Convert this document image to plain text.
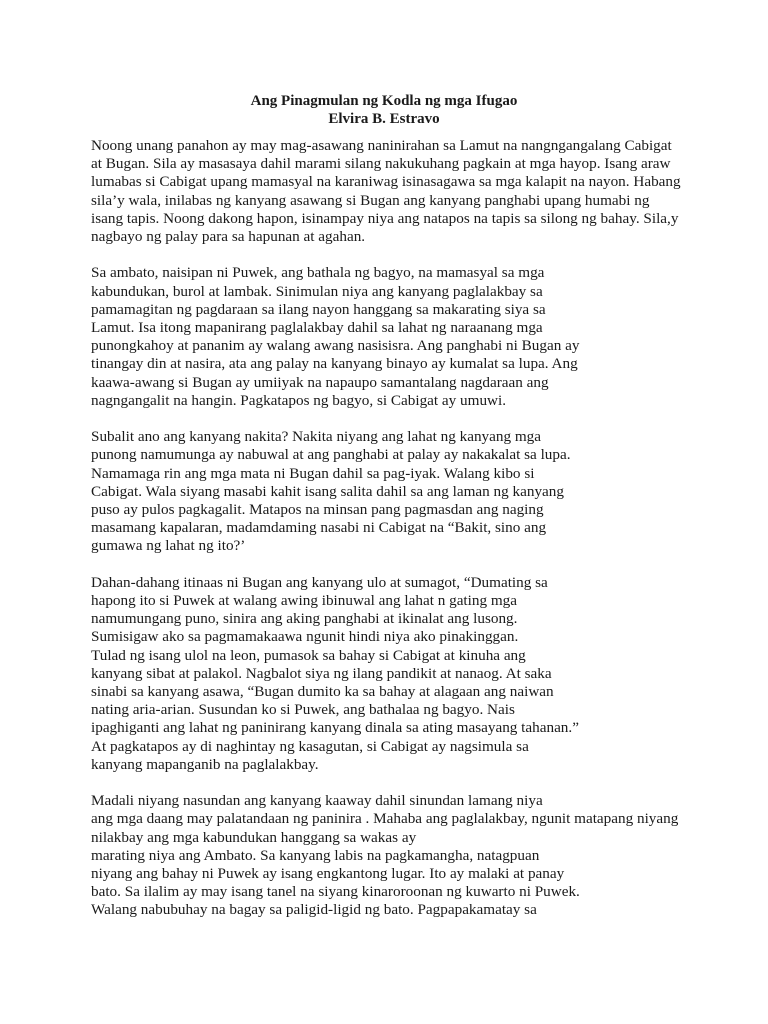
Ang Pinagmulan ng Kodla ng mga Ifugao
Elvira B. Estravo
Noong unang panahon ay may mag-asawang naninirahan sa Lamut na nangngangalang Cabigat
at Bugan. Sila ay masasaya dahil marami silang nakukuhang pagkain at mga hayop. Isang araw
lumabas si Cabigat upang mamasyal na karaniwag isinasagawa sa mga kalapit na nayon. Habang
sila’y wala, inilabas ng kanyang asawang si Bugan ang kanyang panghabi upang humabi ng
isang tapis. Noong dakong hapon, isinampay niya ang natapos na tapis sa silong ng bahay. Sila,y
nagbayo ng palay para sa hapunan at agahan.
Sa ambato, naisipan ni Puwek, ang bathala ng bagyo, na mamasyal sa mga
kabundukan, burol at lambak. Sinimulan niya ang kanyang paglalakbay sa
pamamagitan ng pagdaraan sa ilang nayon hanggang sa makarating siya sa
Lamut. Isa itong mapanirang paglalakbay dahil sa lahat ng naraanang mga
punongkahoy at pananim ay walang awang nasisisra. Ang panghabi ni Bugan ay
tinangay din at nasira, ata ang palay na kanyang binayo ay kumalat sa lupa. Ang
kaawa-awang si Bugan ay umiiyak na napaupo samantalang nagdaraan ang
nagngangalit na hangin. Pagkatapos ng bagyo, si Cabigat ay umuwi.
Subalit ano ang kanyang nakita? Nakita niyang ang lahat ng kanyang mga
punong namumunga ay nabuwal at ang panghabi at palay ay nakakalat sa lupa.
Namamaga rin ang mga mata ni Bugan dahil sa pag-iyak. Walang kibo si
Cabigat. Wala siyang masabi kahit isang salita dahil sa ang laman ng kanyang
puso ay pulos pagkagalit. Matapos na minsan pang pagmasdan ang naging
masamang kapalaran, madamdaming nasabi ni Cabigat na “Bakit, sino ang
gumawa ng lahat ng ito?’
Dahan-dahang itinaas ni Bugan ang kanyang ulo at sumagot, “Dumating sa
hapong ito si Puwek at walang awing ibinuwal ang lahat n gating mga
namumungang puno, sinira ang aking panghabi at ikinalat ang lusong.
Sumisigaw ako sa pagmamakaawa ngunit hindi niya ako pinakinggan.
Tulad ng isang ulol na leon, pumasok sa bahay si Cabigat at kinuha ang
kanyang sibat at palakol. Nagbalot siya ng ilang pandikit at nanaog. At saka
sinabi sa kanyang asawa, “Bugan dumito ka sa bahay at alagaan ang naiwan
nating aria-arian. Susundan ko si Puwek, ang bathalaa ng bagyo. Nais
ipaghiganti ang lahat ng paninirang kanyang dinala sa ating masayang tahanan.”
At pagkatapos ay di naghintay ng kasagutan, si Cabigat ay nagsimula sa
kanyang mapanganib na paglalakbay.
Madali niyang nasundan ang kanyang kaaway dahil sinundan lamang niya
ang mga daang may palatandaan ng paninira . Mahaba ang paglalakbay, ngunit matapang niyang
nilakbay ang mga kabundukan hanggang sa wakas ay
marating niya ang Ambato. Sa kanyang labis na pagkamangha, natagpuan
niyang ang bahay ni Puwek ay isang engkantong lugar. Ito ay malaki at panay
bato. Sa ilalim ay may isang tanel na siyang kinaroroonan ng kuwarto ni Puwek.
Walang nabubuhay na bagay sa paligid-ligid ng bato. Pagpapakamatay sa
